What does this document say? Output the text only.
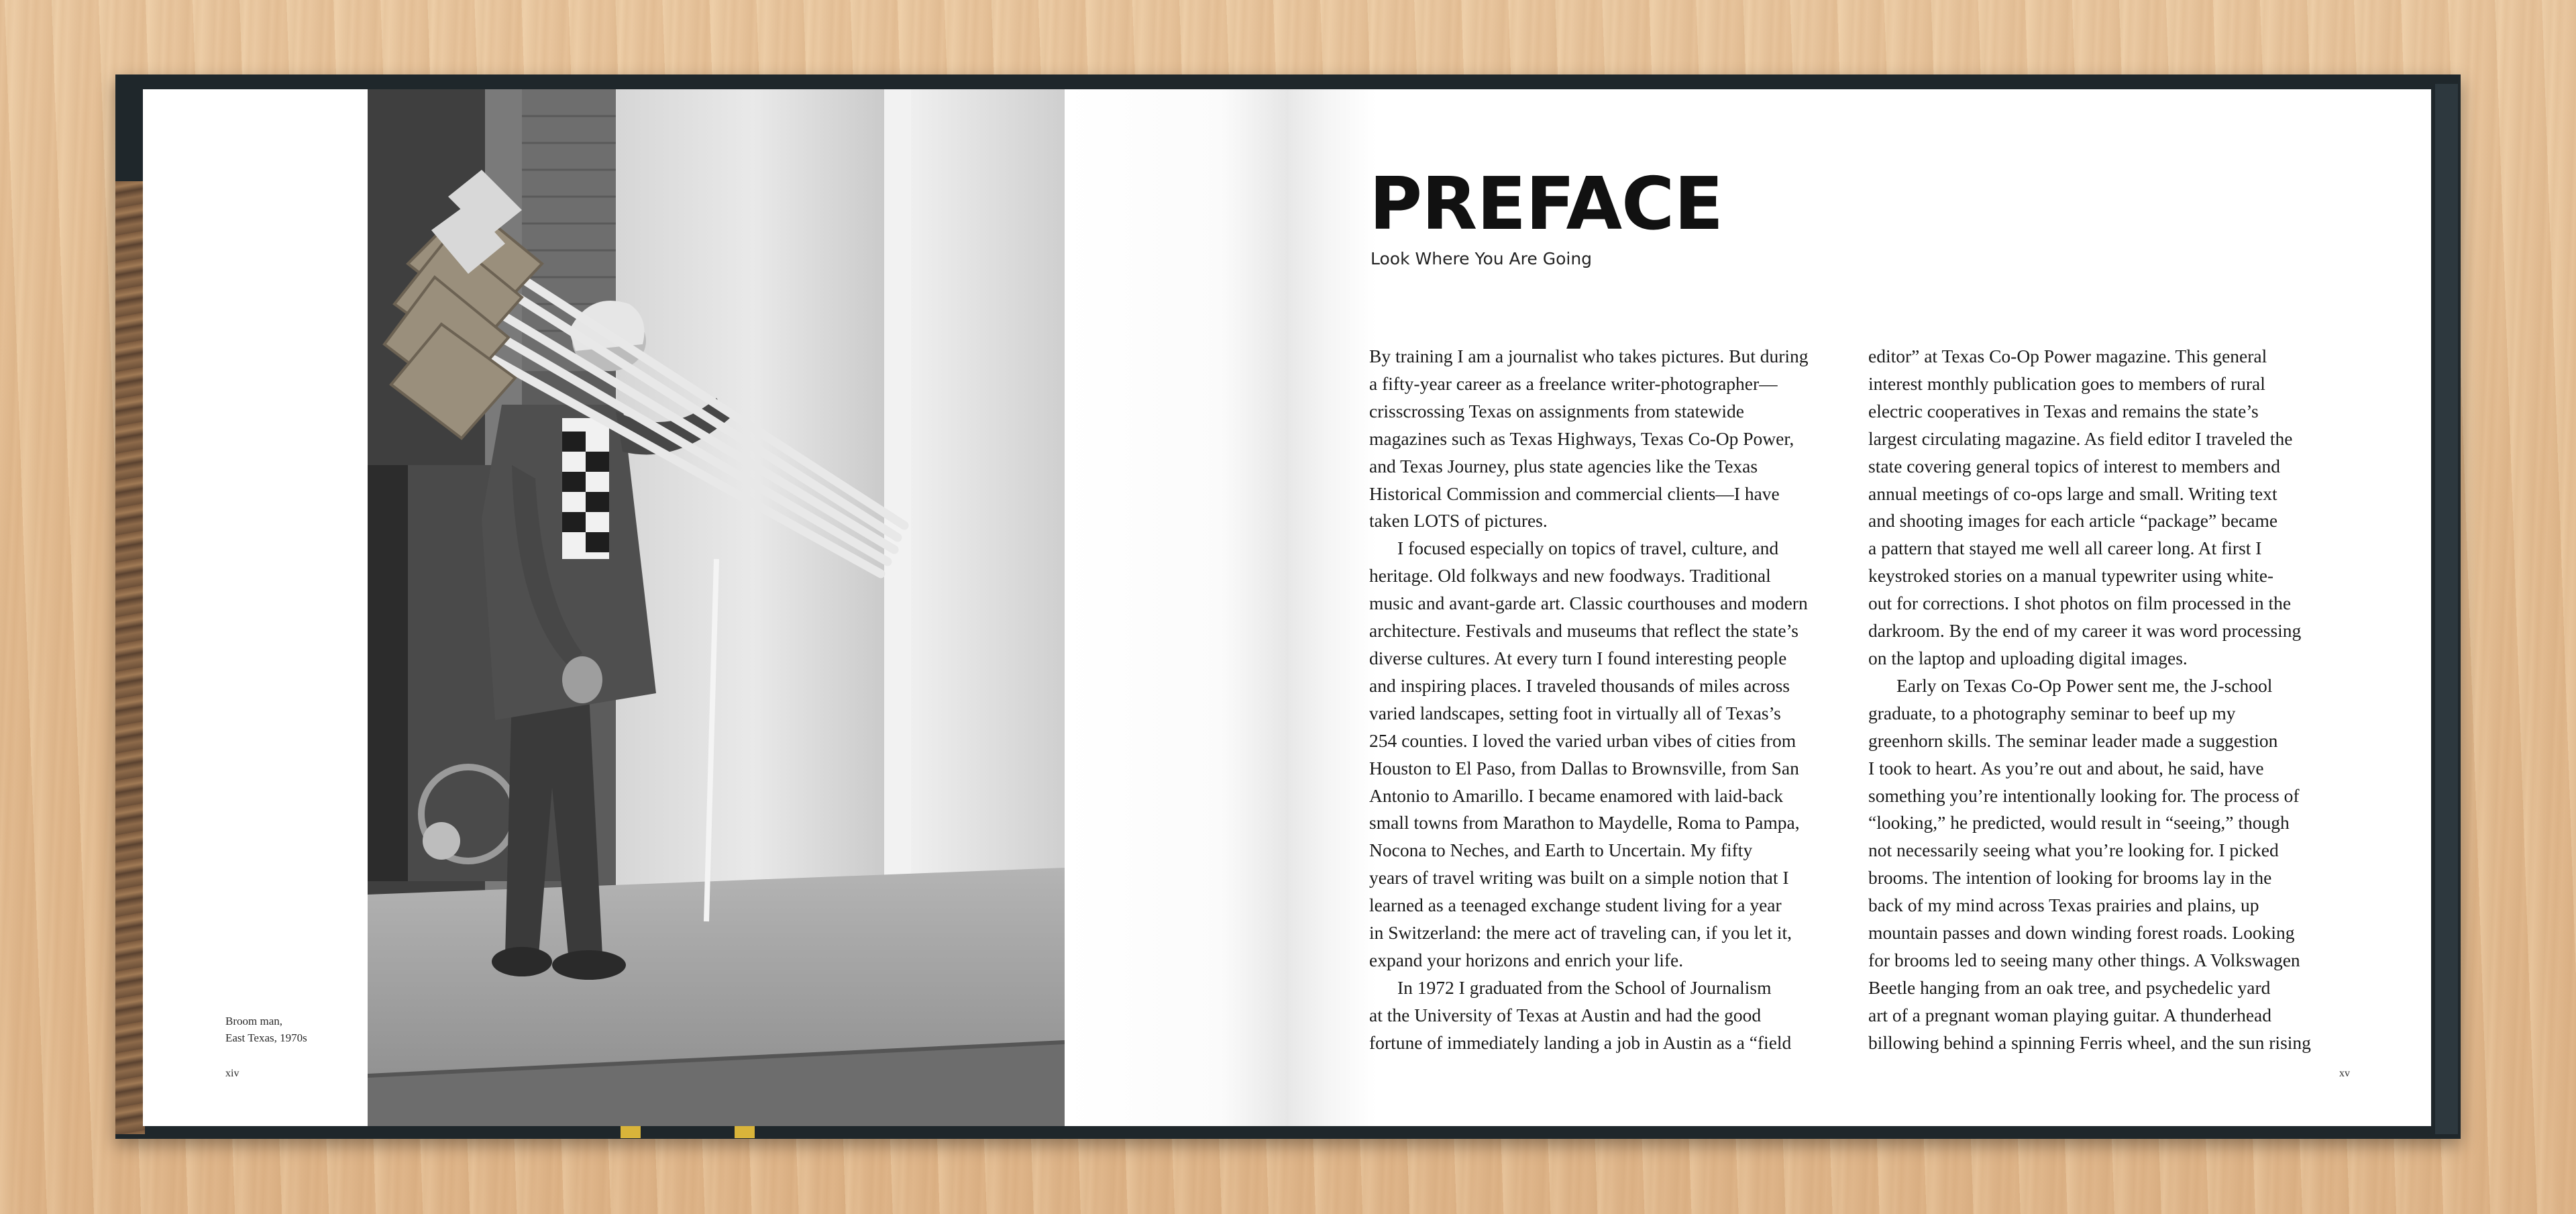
Broom man,
East Texas, 1970s
xiv
PREFACE
Look Where You Are Going

By training I am a journalist who takes pictures. But during
a fifty-year career as a freelance writer-photographer—
crisscrossing Texas on assignments from statewide
magazines such as Texas Highways, Texas Co-Op Power,
and Texas Journey, plus state agencies like the Texas
Historical Commission and commercial clients—I have
taken LOTS of pictures.

I focused especially on topics of travel, culture, and
heritage. Old folkways and new foodways. Traditional
music and avant-garde art. Classic courthouses and modern
architecture. Festivals and museums that reflect the state’s
diverse cultures. At every turn I found interesting people
and inspiring places. I traveled thousands of miles across
varied landscapes, setting foot in virtually all of Texas’s
254 counties. I loved the varied urban vibes of cities from
Houston to El Paso, from Dallas to Brownsville, from San
Antonio to Amarillo. I became enamored with laid-back
small towns from Marathon to Maydelle, Roma to Pampa,
Nocona to Neches, and Earth to Uncertain. My fifty
years of travel writing was built on a simple notion that I
learned as a teenaged exchange student living for a year
in Switzerland: the mere act of traveling can, if you let it,
expand your horizons and enrich your life.

In 1972 I graduated from the School of Journalism
at the University of Texas at Austin and had the good
fortune of immediately landing a job in Austin as a “field

editor” at Texas Co-Op Power magazine. This general
interest monthly publication goes to members of rural
electric cooperatives in Texas and remains the state’s
largest circulating magazine. As field editor I traveled the
state covering general topics of interest to members and
annual meetings of co-ops large and small. Writing text
and shooting images for each article “package” became
a pattern that stayed me well all career long. At first I
keystroked stories on a manual typewriter using white-
out for corrections. I shot photos on film processed in the
darkroom. By the end of my career it was word processing
on the laptop and uploading digital images.

Early on Texas Co-Op Power sent me, the J-school
graduate, to a photography seminar to beef up my
greenhorn skills. The seminar leader made a suggestion
I took to heart. As you’re out and about, he said, have
something you’re intentionally looking for. The process of
“looking,” he predicted, would result in “seeing,” though
not necessarily seeing what you’re looking for. I picked
brooms. The intention of looking for brooms lay in the
back of my mind across Texas prairies and plains, up
mountain passes and down winding forest roads. Looking
for brooms led to seeing many other things. A Volkswagen
Beetle hanging from an oak tree, and psychedelic yard
art of a pregnant woman playing guitar. A thunderhead
billowing behind a spinning Ferris wheel, and the sun rising

xv
